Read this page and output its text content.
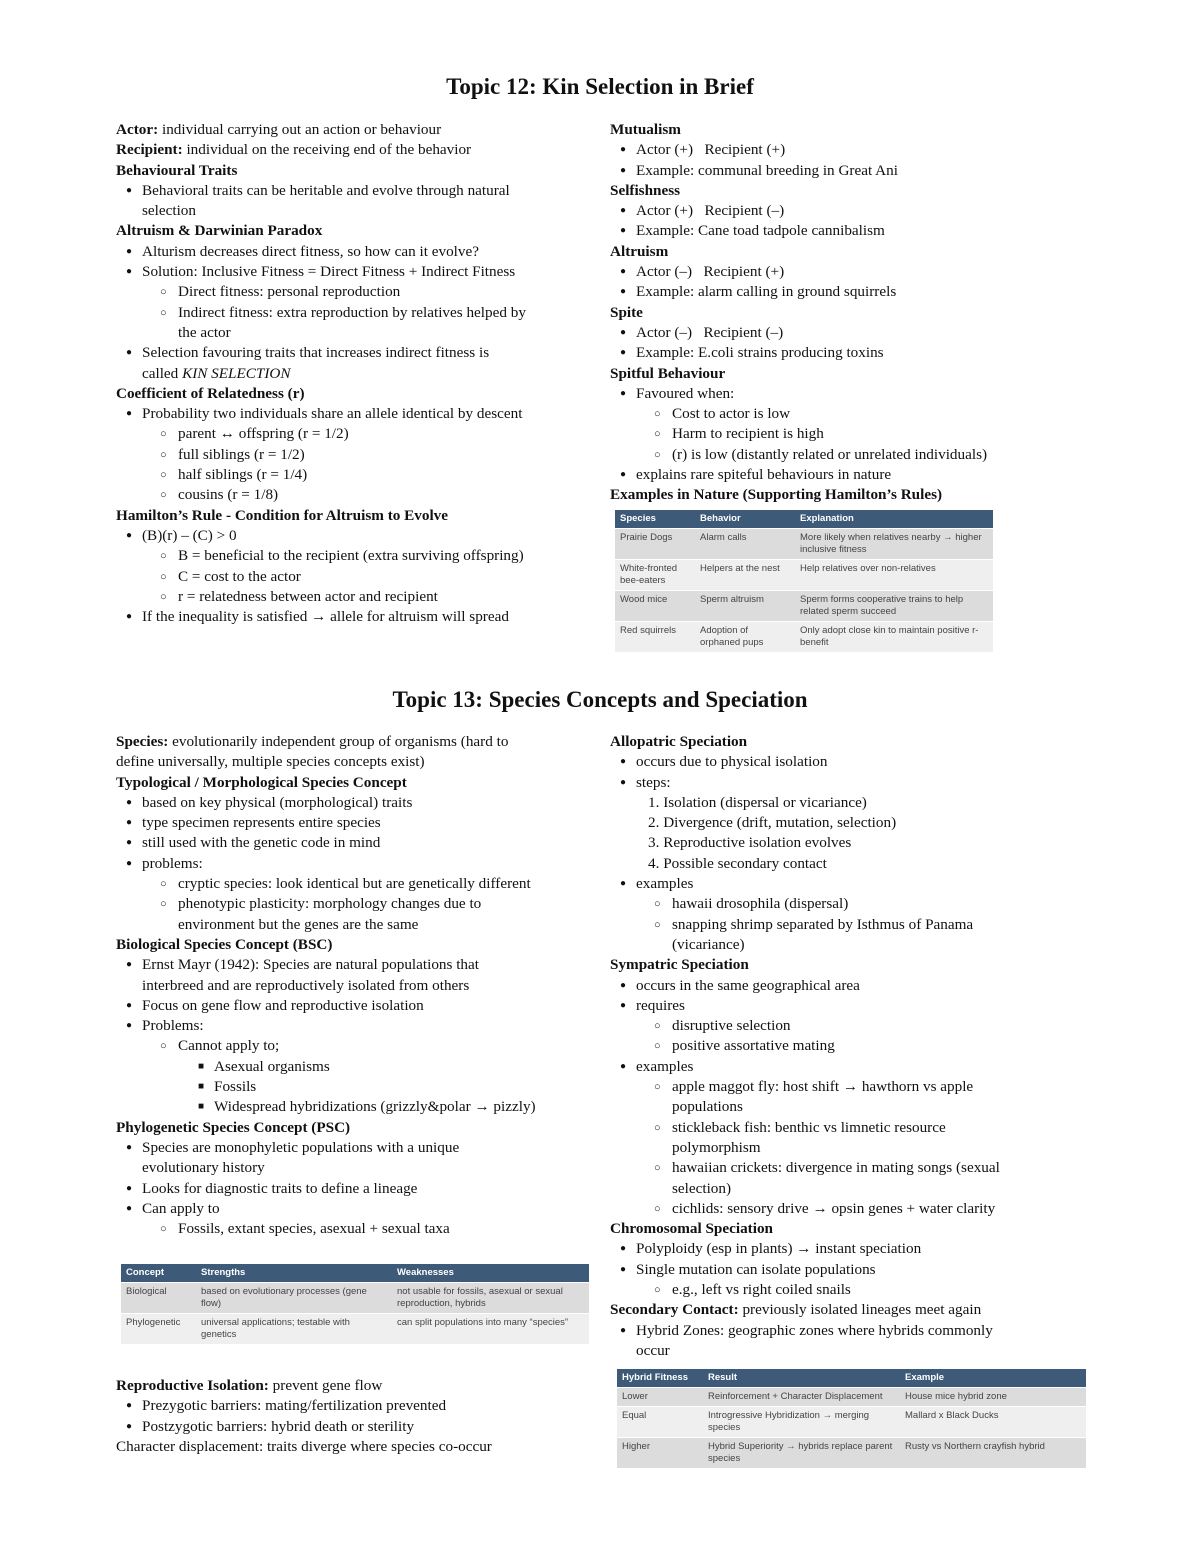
Topic 12: Kin Selection in Brief

Actor: individual carrying out an action or behaviour

Recipient: individual on the receiving end of the behavior

Behavioural Traits

● Behavioral traits can be heritable and evolve through natural
selection

Altruism & Darwinian Paradox

● Alturism decreases direct fitness, so how can it evolve?
● Solution: Inclusive Fitness = Direct Fitness + Indirect Fitness
○ Direct fitness: personal reproduction
○ Indirect fitness: extra reproduction by relatives helped by
the actor
● Selection favouring traits that increases indirect fitness is
called KIN SELECTION

Coefficient of Relatedness (r)

● Probability two individuals share an allele identical by descent
○ parent ↔ offspring (r = 1/2)
○ full siblings (r = 1/2)
○ half siblings (r = 1/4)
○ cousins (r = 1/8)

Hamilton’s Rule - Condition for Altruism to Evolve

● (B)(r) – (C) > 0
○ B = beneficial to the recipient (extra surviving offspring)
○ C = cost to the actor
○ r = relatedness between actor and recipient
● If the inequality is satisfied → allele for altruism will spread

Mutualism

● Actor (+)   Recipient (+)
● Example: communal breeding in Great Ani

Selfishness

● Actor (+)   Recipient (–)
● Example: Cane toad tadpole cannibalism

Altruism

● Actor (–)   Recipient (+)
● Example: alarm calling in ground squirrels

Spite

● Actor (–)   Recipient (–)
● Example: E.coli strains producing toxins

Spitful Behaviour

● Favoured when:
○ Cost to actor is low
○ Harm to recipient is high
○ (r) is low (distantly related or unrelated individuals)
● explains rare spiteful behaviours in nature

Examples in Nature (Supporting Hamilton’s Rules)

Species	Behavior	Explanation
Prairie Dogs	Alarm calls	More likely when relatives nearby → higher inclusive fitness
White-fronted bee-eaters	Helpers at the nest	Help relatives over non-relatives
Wood mice	Sperm altruism	Sperm forms cooperative trains to help related sperm succeed
Red squirrels	Adoption of orphaned pups	Only adopt close kin to maintain positive r-benefit
Topic 13: Species Concepts and Speciation

Species: evolutionarily independent group of organisms (hard to
define universally, multiple species concepts exist)

Typological / Morphological Species Concept

● based on key physical (morphological) traits
● type specimen represents entire species
● still used with the genetic code in mind
● problems:
○ cryptic species: look identical but are genetically different
○ phenotypic plasticity: morphology changes due to
environment but the genes are the same

Biological Species Concept (BSC)

● Ernst Mayr (1942): Species are natural populations that
interbreed and are reproductively isolated from others
● Focus on gene flow and reproductive isolation
● Problems:
○ Cannot apply to;
■ Asexual organisms
■ Fossils
■ Widespread hybridizations (grizzly&polar → pizzly)

Phylogenetic Species Concept (PSC)

● Species are monophyletic populations with a unique
evolutionary history
● Looks for diagnostic traits to define a lineage
● Can apply to
○ Fossils, extant species, asexual + sexual taxa
Concept	Strengths	Weaknesses
Biological	based on evolutionary processes (gene flow)	not usable for fossils, asexual or sexual reproduction, hybrids
Phylogenetic	universal applications; testable with genetics	can split populations into many “species”

Reproductive Isolation: prevent gene flow

● Prezygotic barriers: mating/fertilization prevented
● Postzygotic barriers: hybrid death or sterility

Character displacement: traits diverge where species co-occur

Allopatric Speciation

● occurs due to physical isolation
● steps:
1. Isolation (dispersal or vicariance)
2. Divergence (drift, mutation, selection)
3. Reproductive isolation evolves
4. Possible secondary contact
● examples
○ hawaii drosophila (dispersal)
○ snapping shrimp separated by Isthmus of Panama
(vicariance)

Sympatric Speciation

● occurs in the same geographical area
● requires
○ disruptive selection
○ positive assortative mating
● examples
○ apple maggot fly: host shift → hawthorn vs apple
populations
○ stickleback fish: benthic vs limnetic resource
polymorphism
○ hawaiian crickets: divergence in mating songs (sexual
selection)
○ cichlids: sensory drive → opsin genes + water clarity

Chromosomal Speciation

● Polyploidy (esp in plants) → instant speciation
● Single mutation can isolate populations
○ e.g., left vs right coiled snails

Secondary Contact: previously isolated lineages meet again

● Hybrid Zones: geographic zones where hybrids commonly
occur
Hybrid Fitness	Result	Example
Lower	Reinforcement + Character Displacement	House mice hybrid zone
Equal	Introgressive Hybridization → merging species	Mallard x Black Ducks
Higher	Hybrid Superiority → hybrids replace parent species	Rusty vs Northern crayfish hybrid
